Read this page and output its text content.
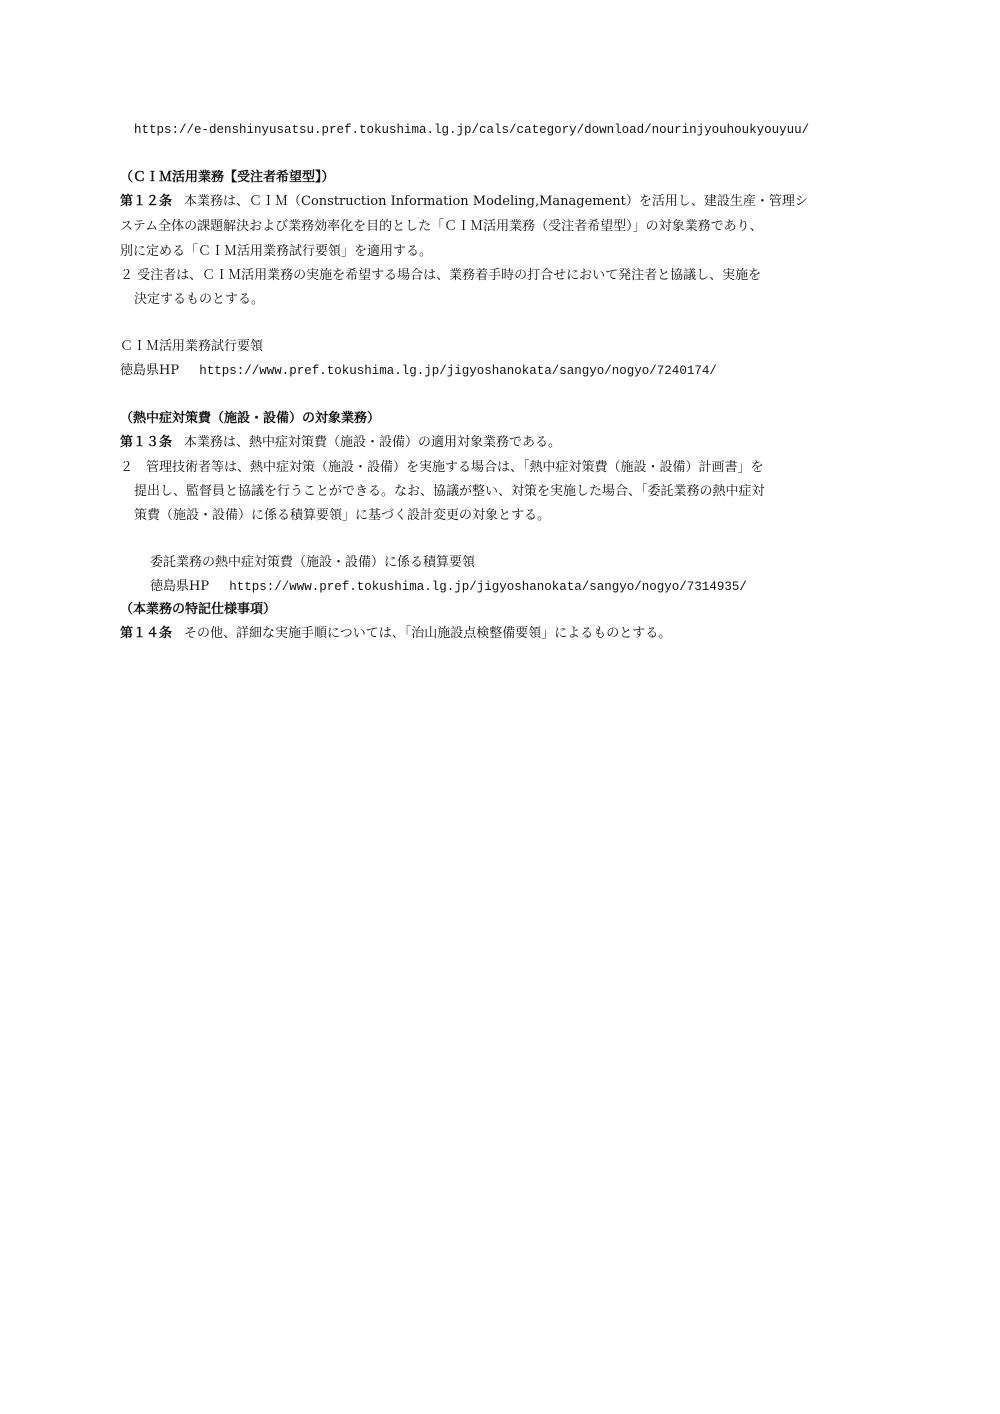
https://e-denshinyusatsu.pref.tokushima.lg.jp/cals/category/download/nourinjyouhoukyouyuu/
（ＣＩＭ活用業務【受注者希望型】）
第１２条 本業務は、ＣＩＭ（Construction Information Modeling,Management）を活用し、建設生産・管理シ
ステム全体の課題解決および業務効率化を目的とした「ＣＩＭ活用業務（受注者希望型）」の対象業務であり、
別に定める「ＣＩＭ活用業務試行要領」を適用する。
２ 受注者は、ＣＩＭ活用業務の実施を希望する場合は、業務着手時の打合せにおいて発注者と協議し、実施を
決定するものとする。
ＣＩＭ活用業務試行要領
徳島県HP https://www.pref.tokushima.lg.jp/jigyoshanokata/sangyo/nogyo/7240174/
（熱中症対策費（施設・設備）の対象業務）
第１３条 本業務は、熱中症対策費（施設・設備）の適用対象業務である。
２　管理技術者等は、熱中症対策（施設・設備）を実施する場合は、「熱中症対策費（施設・設備）計画書」を
提出し、監督員と協議を行うことができる。なお、協議が整い、対策を実施した場合、「委託業務の熱中症対
策費（施設・設備）に係る積算要領」に基づく設計変更の対象とする。
委託業務の熱中症対策費（施設・設備）に係る積算要領
徳島県HP https://www.pref.tokushima.lg.jp/jigyoshanokata/sangyo/nogyo/7314935/
（本業務の特記仕様事項）
第１４条 その他、詳細な実施手順については、「治山施設点検整備要領」によるものとする。
